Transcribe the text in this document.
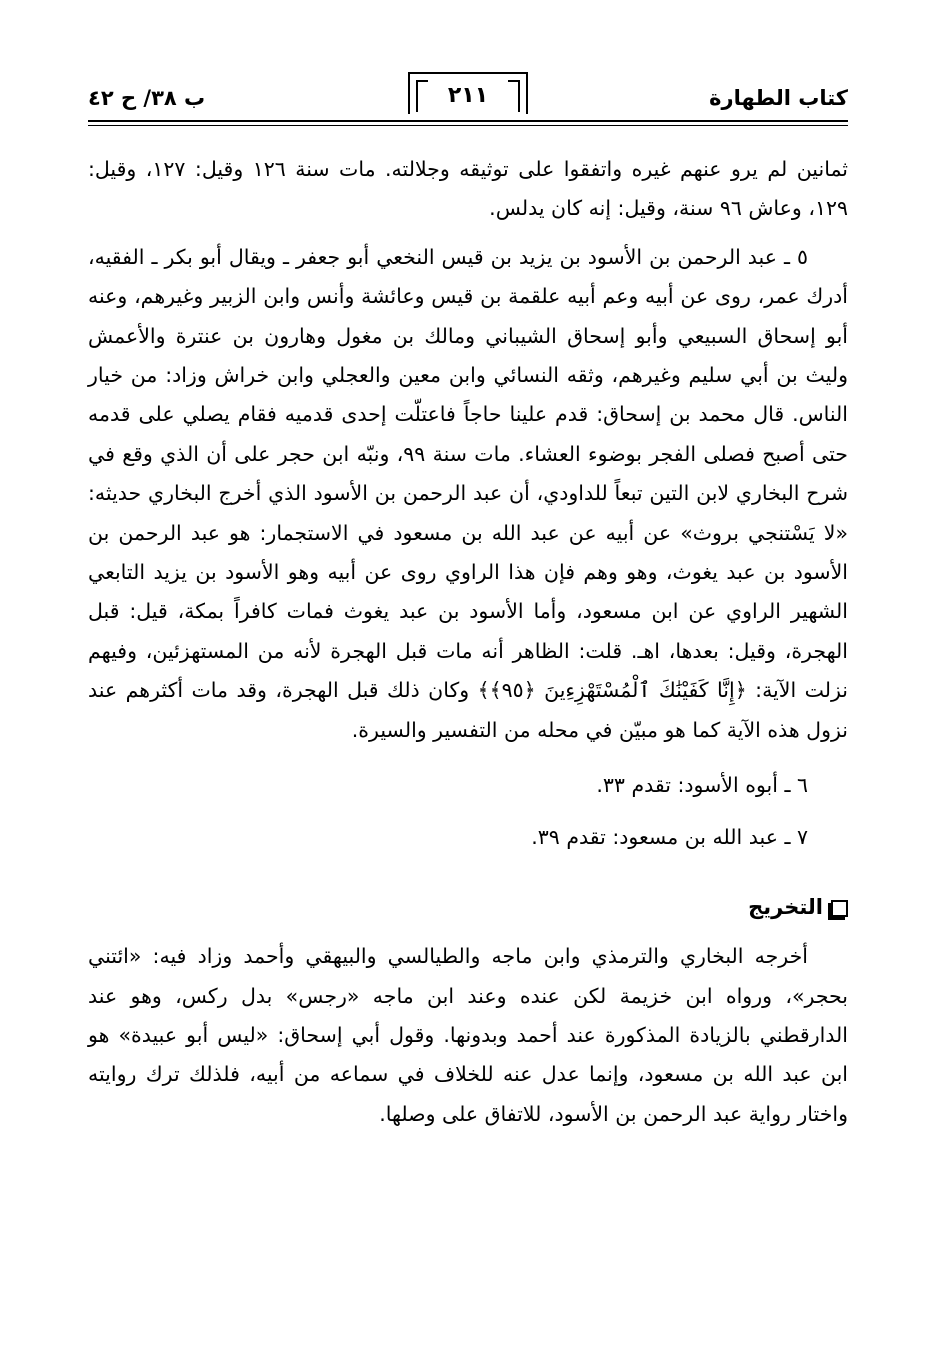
كتاب الطهارة
٢١١
ب ٣٨/ ح ٤٢

ثمانين لم يرو عنهم غيره واتفقوا على توثيقه وجلالته. مات سنة ١٢٦ وقيل: ١٢٧، وقيل: ١٢٩، وعاش ٩٦ سنة، وقيل: إنه كان يدلس.

٥ ـ عبد الرحمن بن الأسود بن يزيد بن قيس النخعي أبو جعفر ـ ويقال أبو بكر ـ الفقيه، أدرك عمر، روى عن أبيه وعم أبيه علقمة بن قيس وعائشة وأنس وابن الزبير وغيرهم، وعنه أبو إسحاق السبيعي وأبو إسحاق الشيباني ومالك بن مغول وهارون بن عنترة والأعمش وليث بن أبي سليم وغيرهم، وثقه النسائي وابن معين والعجلي وابن خراش وزاد: من خيار الناس. قال محمد بن إسحاق: قدم علينا حاجاً فاعتلّت إحدى قدميه فقام يصلي على قدمه حتى أصبح فصلى الفجر بوضوء العشاء. مات سنة ٩٩، ونبّه ابن حجر على أن الذي وقع في شرح البخاري لابن التين تبعاً للداودي، أن عبد الرحمن بن الأسود الذي أخرج البخاري حديثه: «لا يَسْتنجي بروث» عن أبيه عن عبد الله بن مسعود في الاستجمار: هو عبد الرحمن بن الأسود بن عبد يغوث، وهو وهم فإن هذا الراوي روى عن أبيه وهو الأسود بن يزيد التابعي الشهير الراوي عن ابن مسعود، وأما الأسود بن عبد يغوث فمات كافراً بمكة، قيل: قبل الهجرة، وقيل: بعدها، اهـ. قلت: الظاهر أنه مات قبل الهجرة لأنه من المستهزئين، وفيهم نزلت الآية: ﴿إِنَّا كَفَيْنَٰكَ ٱلْمُسْتَهْزِءِينَ ﴿٩٥﴾﴾ وكان ذلك قبل الهجرة، وقد مات أكثرهم عند نزول هذه الآية كما هو مبيّن في محله من التفسير والسيرة.

٦ ـ أبوه الأسود: تقدم ٣٣.

٧ ـ عبد الله بن مسعود: تقدم ٣٩.

التخريج

أخرجه البخاري والترمذي وابن ماجه والطيالسي والبيهقي وأحمد وزاد فيه: «ائتني بحجر»، ورواه ابن خزيمة لكن عنده وعند ابن ماجه «رجس» بدل ركس، وهو عند الدارقطني بالزيادة المذكورة عند أحمد وبدونها. وقول أبي إسحاق: «ليس أبو عبيدة» هو ابن عبد الله بن مسعود، وإنما عدل عنه للخلاف في سماعه من أبيه، فلذلك ترك روايته واختار رواية عبد الرحمن بن الأسود، للاتفاق على وصلها.
